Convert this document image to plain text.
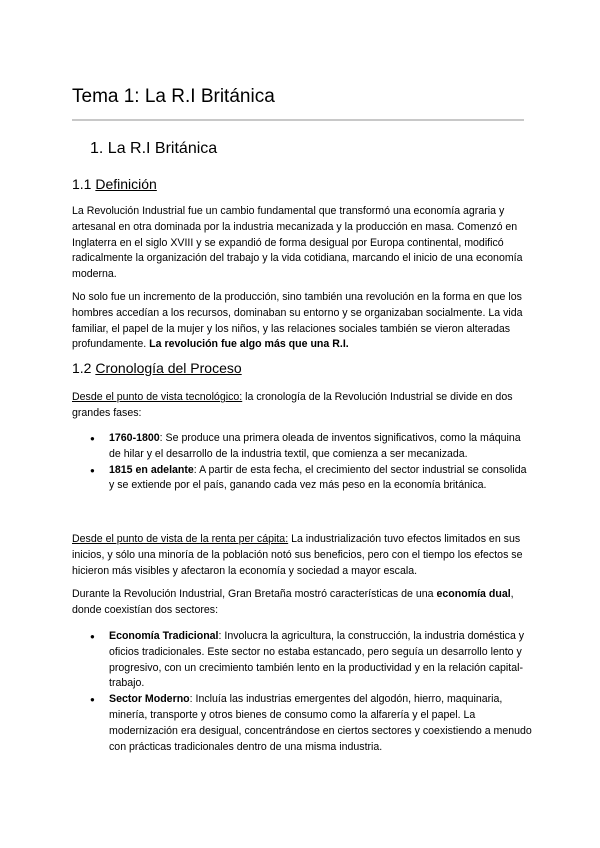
Tema 1: La R.I Británica
1. La R.I Británica
1.1 Definición

La Revolución Industrial fue un cambio fundamental que transformó una economía agraria y artesanal en otra dominada por la industria mecanizada y la producción en masa. Comenzó en Inglaterra en el siglo XVIII y se expandió de forma desigual por Europa continental, modificó radicalmente la organización del trabajo y la vida cotidiana, marcando el inicio de una economía moderna.

No solo fue un incremento de la producción, sino también una revolución en la forma en que los hombres accedían a los recursos, dominaban su entorno y se organizaban socialmente. La vida familiar, el papel de la mujer y los niños, y las relaciones sociales también se vieron alteradas profundamente. La revolución fue algo más que una R.I.

1.2 Cronología del Proceso

Desde el punto de vista tecnológico: la cronología de la Revolución Industrial se divide en dos grandes fases:

● 1760-1800: Se produce una primera oleada de inventos significativos, como la máquina de hilar y el desarrollo de la industria textil, que comienza a ser mecanizada.
● 1815 en adelante: A partir de esta fecha, el crecimiento del sector industrial se consolida y se extiende por el país, ganando cada vez más peso en la economía británica.

Desde el punto de vista de la renta per cápita: La industrialización tuvo efectos limitados en sus inicios, y sólo una minoría de la población notó sus beneficios, pero con el tiempo los efectos se hicieron más visibles y afectaron la economía y sociedad a mayor escala.

Durante la Revolución Industrial, Gran Bretaña mostró características de una economía dual, donde coexistían dos sectores:

● Economía Tradicional: Involucra la agricultura, la construcción, la industria doméstica y oficios tradicionales. Este sector no estaba estancado, pero seguía un desarrollo lento y progresivo, con un crecimiento también lento en la productividad y en la relación capital-trabajo.
● Sector Moderno: Incluía las industrias emergentes del algodón, hierro, maquinaria, minería, transporte y otros bienes de consumo como la alfarería y el papel. La modernización era desigual, concentrándose en ciertos sectores y coexistiendo a menudo con prácticas tradicionales dentro de una misma industria.
